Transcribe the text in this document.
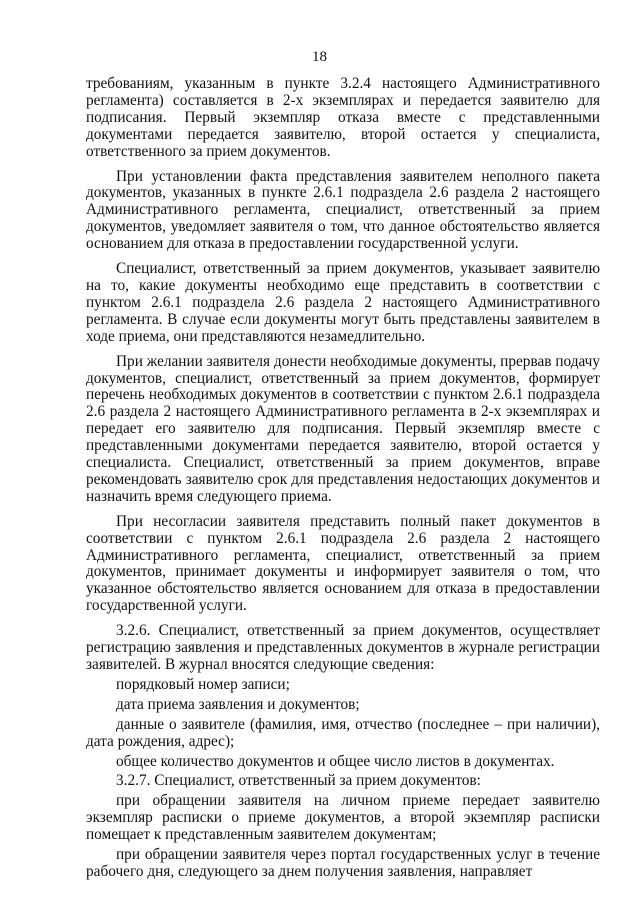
18

требованиям, указанным в пункте 3.2.4 настоящего Административного регламента) составляется в 2-х экземплярах и передается заявителю для подписания. Первый экземпляр отказа вместе с представленными документами передается заявителю, второй остается у специалиста, ответственного за прием документов.

При установлении факта представления заявителем неполного пакета документов, указанных в пункте 2.6.1 подраздела 2.6 раздела 2 настоящего Административного регламента, специалист, ответственный за прием документов, уведомляет заявителя о том, что данное обстоятельство является основанием для отказа в предоставлении государственной услуги.

Специалист, ответственный за прием документов, указывает заявителю на то, какие документы необходимо еще представить в соответствии с пунктом 2.6.1 подраздела 2.6 раздела 2 настоящего Административного регламента. В случае если документы могут быть представлены заявителем в ходе приема, они представляются незамедлительно.

При желании заявителя донести необходимые документы, прервав подачу документов, специалист, ответственный за прием документов, формирует перечень необходимых документов в соответствии с пунктом 2.6.1 подраздела 2.6 раздела 2 настоящего Административного регламента в 2-х экземплярах и передает его заявителю для подписания. Первый экземпляр вместе с представленными документами передается заявителю, второй остается у специалиста. Специалист, ответственный за прием документов, вправе рекомендовать заявителю срок для представления недостающих документов и назначить время следующего приема.

При несогласии заявителя представить полный пакет документов в соответствии с пунктом 2.6.1 подраздела 2.6 раздела 2 настоящего Административного регламента, специалист, ответственный за прием документов, принимает документы и информирует заявителя о том, что указанное обстоятельство является основанием для отказа в предоставлении государственной услуги.

3.2.6. Специалист, ответственный за прием документов, осуществляет регистрацию заявления и представленных документов в журнале регистрации заявителей. В журнал вносятся следующие сведения:

порядковый номер записи;

дата приема заявления и документов;

данные о заявителе (фамилия, имя, отчество (последнее – при наличии), дата рождения, адрес);

общее количество документов и общее число листов в документах.

3.2.7. Специалист, ответственный за прием документов:

при обращении заявителя на личном приеме передает заявителю экземпляр расписки о приеме документов, а второй экземпляр расписки помещает к представленным заявителем документам;

при обращении заявителя через портал государственных услуг в течение рабочего дня, следующего за днем получения заявления, направляет
